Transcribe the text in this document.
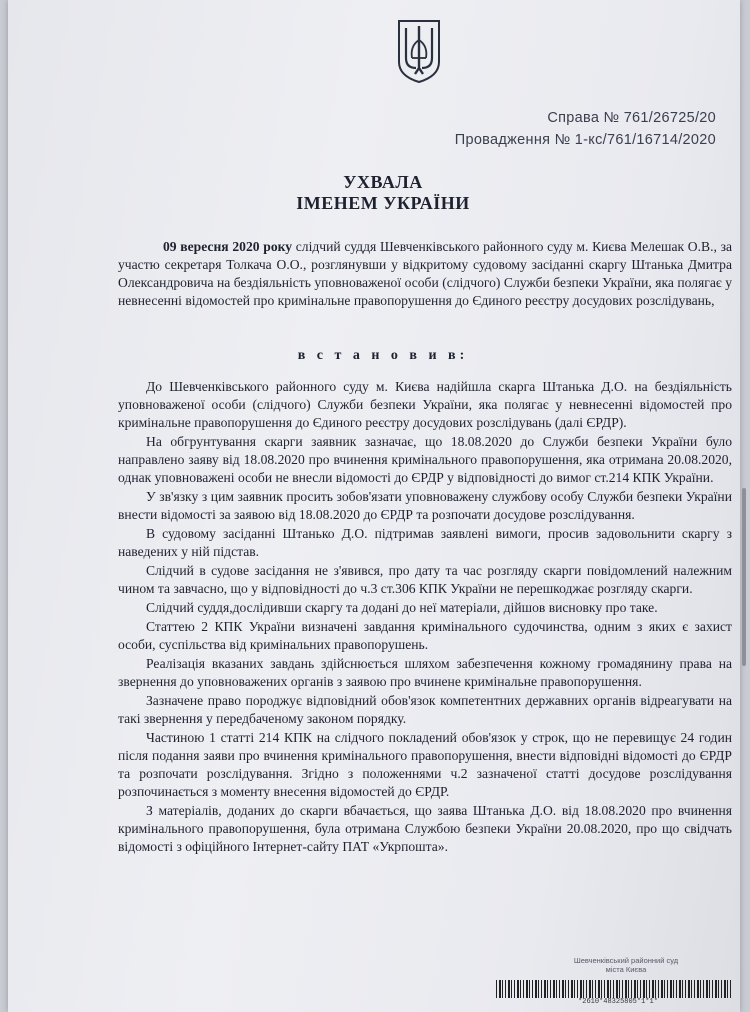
Справа № 761/26725/20
Провадження № 1-кс/761/16714/2020
УХВАЛА
ІМЕНЕМ УКРАЇНИ

09 вересня 2020 року слідчий суддя Шевченківського районного суду м. Києва Мелешак О.В., за участю секретаря Толкача О.О., розглянувши у відкритому судовому засіданні скаргу Штанька Дмитра Олександровича на бездіяльність уповноваженої особи (слідчого) Служби безпеки України, яка полягає у невнесенні відомостей про кримінальне правопорушення до Єдиного реєстру досудових розслідувань,

в с т а н о в и в:

До Шевченківського районного суду м. Києва надійшла скарга Штанька Д.О. на бездіяльність уповноваженої особи (слідчого) Служби безпеки України, яка полягає у невнесенні відомостей про кримінальне правопорушення до Єдиного реєстру досудових розслідувань (далі ЄРДР).

На обгрунтування скарги заявник зазначає, що 18.08.2020 до Служби безпеки України було направлено заяву від 18.08.2020 про вчинення кримінального правопорушення, яка отримана 20.08.2020, однак уповноважені особи не внесли відомості до ЄРДР у відповідності до вимог ст.214 КПК України.

У зв'язку з цим заявник просить зобов'язати уповноважену службову особу Служби безпеки України внести відомості за заявою від 18.08.2020 до ЄРДР та розпочати досудове розслідування.

В судовому засіданні Штанько Д.О. підтримав заявлені вимоги, просив задовольнити скаргу з наведених у ній підстав.

Слідчий в судове засідання не з'явився, про дату та час розгляду скарги повідомлений належним чином та завчасно, що у відповідності до ч.3 ст.306 КПК України не перешкоджає розгляду скарги.

Слідчий суддя,дослідивши скаргу та додані до неї матеріали, дійшов висновку про таке.

Статтею 2 КПК України визначені завдання кримінального судочинства, одним з яких є захист особи, суспільства від кримінальних правопорушень.

Реалізація вказаних завдань здійснюється шляхом забезпечення кожному громадянину права на звернення до уповноважених органів з заявою про вчинене кримінальне правопорушення.

Зазначене право породжує відповідний обов'язок компетентних державних органів відреагувати на такі звернення у передбаченому законом порядку.

Частиною 1 статті 214 КПК на слідчого покладений обов'язок у строк, що не перевищує 24 годин після подання заяви про вчинення кримінального правопорушення, внести відповідні відомості до ЄРДР та розпочати розслідування. Згідно з положеннями ч.2 зазначеної статті досудове розслідування розпочинається з моменту внесення відомостей до ЄРДР.

З матеріалів, доданих до скарги вбачається, що заява Штанька Д.О. від 18.08.2020 про вчинення кримінального правопорушення, була отримана Службою безпеки України 20.08.2020, про що свідчать відомості з офіційного Інтернет-сайту ПАТ «Укрпошта».

Шевченківський районний суд
міста Києва
*2610*48325805*1*1*
